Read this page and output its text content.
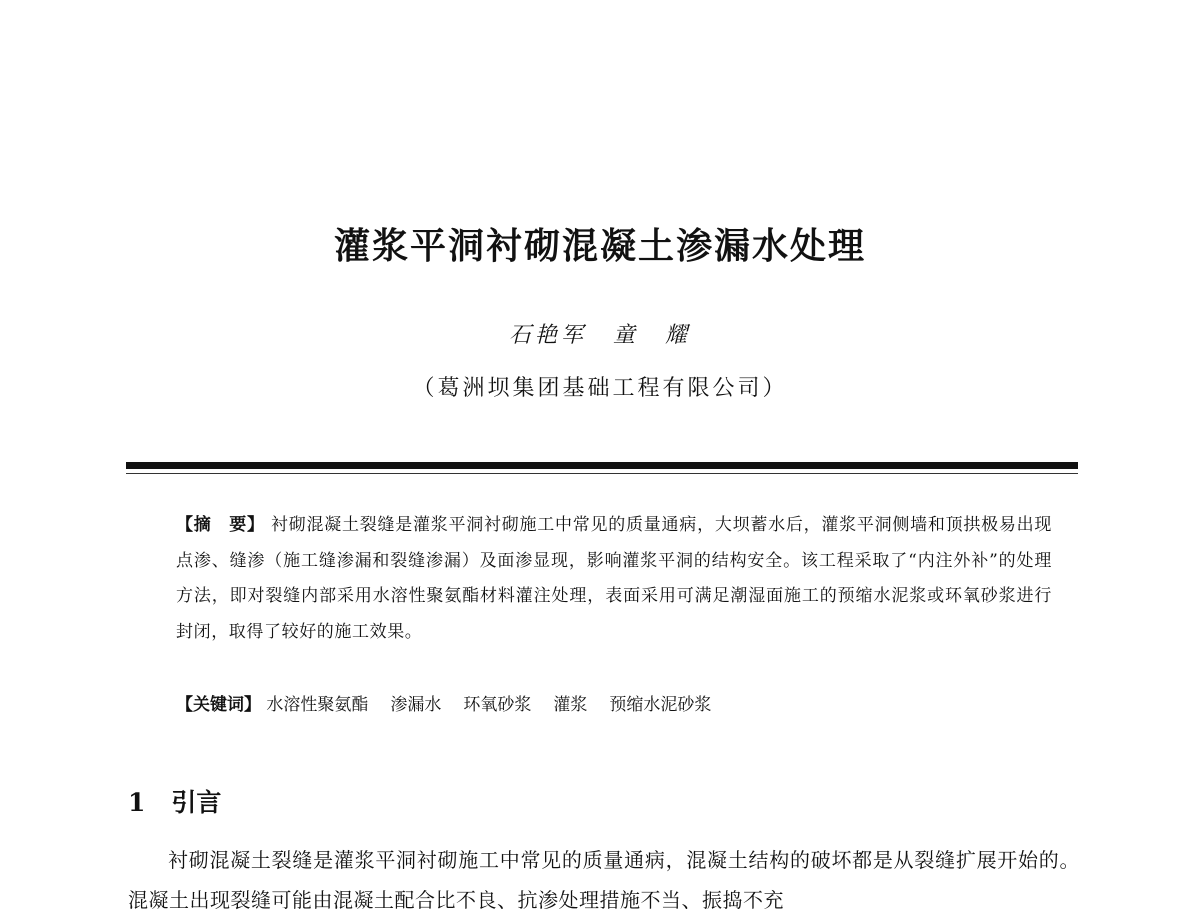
灌浆平洞衬砌混凝土渗漏水处理

石艳军　童　耀

（葛洲坝集团基础工程有限公司）

【摘　要】 衬砌混凝土裂缝是灌浆平洞衬砌施工中常见的质量通病，大坝蓄水后，灌浆平洞侧墙和顶拱极易出现点渗、缝渗（施工缝渗漏和裂缝渗漏）及面渗显现，影响灌浆平洞的结构安全。该工程采取了“内注外补”的处理方法，即对裂缝内部采用水溶性聚氨酯材料灌注处理，表面采用可满足潮湿面施工的预缩水泥浆或环氧砂浆进行封闭，取得了较好的施工效果。

【关键词】 水溶性聚氨酯 渗漏水 环氧砂浆 灌浆 预缩水泥砂浆

1 引言

衬砌混凝土裂缝是灌浆平洞衬砌施工中常见的质量通病，混凝土结构的破坏都是从裂缝扩展开始的。混凝土出现裂缝可能由混凝土配合比不良、抗渗处理措施不当、振捣不充
